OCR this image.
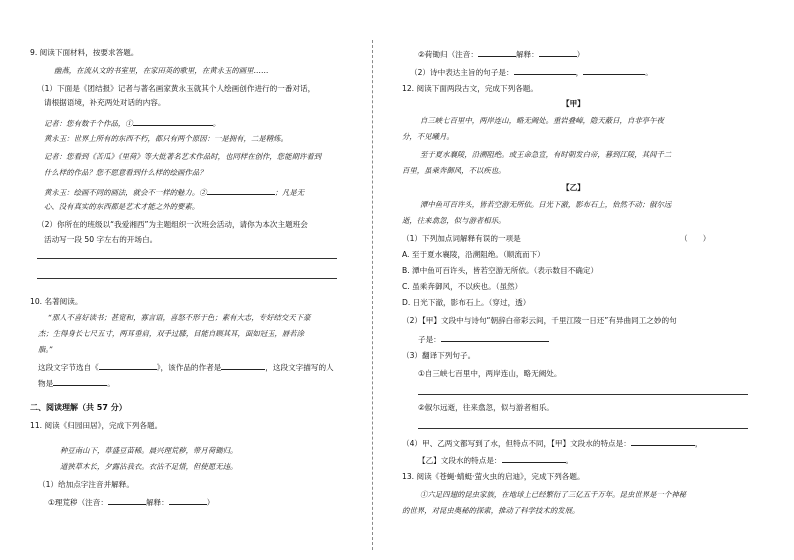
9. 阅读下面材料，按要求答题。
幽燕，在流从文的书室里，在家田英的歌里，在黄永玉的画里……
（1）下面是《团结报》记者与著名画家黄永玉就其个人绘画创作进行的一番对话，
请根据语境，补充两处对话的内容。
记者：您有数千个作品，①	。
黄永玉：世界上所有的东西不朽，都只有两个原因：一是拥有，二是精炼。
记者：您看到《苦瓜》《里荷》等大批著名艺术作品时，也同样在创作，您能期许着到
什么样的作品？您不愿意看到什么样的绘画作品？
黄永玉：绘画不同的画法，就会不一样的魅力。②	；凡是无
心、没有真实的东西都是艺术才能之外的要素。
（2）你所在的班级以“我爱湘西”为主题组织一次班会活动，请你为本次主题班会
活动写一段 50 字左右的开场白。
10. 名著阅读。
“那人不喜好读书；甚宽和，寡言语，喜怒不形于色；素有大志，专好结交天下豪
杰；生得身长七尺五寸，两耳垂肩，双手过膝，目能自顾其耳，面如冠玉，唇若涂
脂。”
这段文字节选自《	》，该作品的作者是	，这段文字描写的人
物是	。
二、阅读理解（共 57 分）
11. 阅读《归园田居》，完成下列各题。
种豆南山下，草盛豆苗稀。晨兴理荒秽，带月荷锄归。
道狭草木长，夕露沾我衣。衣沾不足惜，但使愿无违。
（1）给加点字注音并解释。
①理荒秽（注音：	解释：	）
②荷锄归（注音：	解释：	）
（2）诗中表达主旨的句子是：	，	。
12. 阅读下面两段古文，完成下列各题。
【甲】
自三峡七百里中，两岸连山，略无阙处。重岩叠嶂，隐天蔽日，自非亭午夜
分，不见曦月。
至于夏水襄陵，沿溯阻绝。或王命急宣，有时朝发白帝，暮到江陵，其间千二
百里，虽乘奔御风，不以疾也。
【乙】
潭中鱼可百许头，皆若空游无所依。日光下澈，影布石上，佁然不动；俶尔远
逝，往来翕忽，似与游者相乐。
（1）下列加点词解释有误的一项是	（　　）
A. 至于夏水襄陵，沿溯阻绝。（顺流而下）
B. 潭中鱼可百许头，皆若空游无所依。（表示数目不确定）
C. 虽乘奔御风，不以疾也。（虽然）
D. 日光下澈，影布石上。（穿过，透）
（2）【甲】文段中与诗句“朝辞白帝彩云间，千里江陵一日还”有异曲同工之妙的句
子是：
（3）翻译下列句子。
①自三峡七百里中，两岸连山，略无阙处。
②俶尔远逝，往来翕忽，似与游者相乐。
（4）甲、乙两文都写到了水，但特点不同，【甲】文段水的特点是：	，
【乙】文段水的特点是：	。
13. 阅读《苍蝇·蜻蜓·萤火虫的启迪》，完成下列各题。
①六足四翅的昆虫家族，在地球上已经繁衍了三亿五千万年。昆虫世界是一个神秘
的世界，对昆虫奥秘的探索，推动了科学技术的发展。
